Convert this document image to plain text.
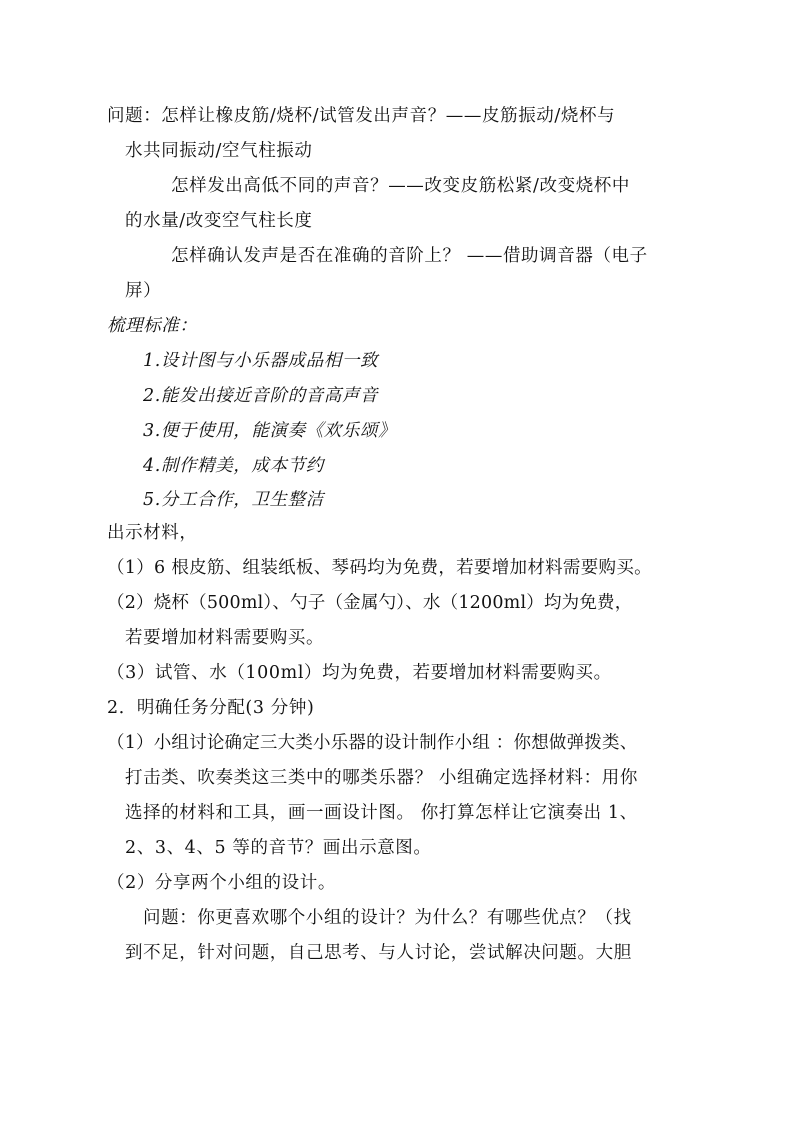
问题：怎样让橡皮筋/烧杯/试管发出声音？——皮筋振动/烧杯与
水共同振动/空气柱振动
怎样发出高低不同的声音？——改变皮筋松紧/改变烧杯中
的水量/改变空气柱长度
怎样确认发声是否在准确的音阶上？ ——借助调音器（电子
屏）
梳理标准：
1.设计图与小乐器成品相一致
2.能发出接近音阶的音高声音
3.便于使用，能演奏《欢乐颂》
4.制作精美，成本节约
5.分工合作，卫生整洁
出示材料，
（1）6 根皮筋、组装纸板、琴码均为免费，若要增加材料需要购买。
（2）烧杯（500ml）、勺子（金属勺）、水（1200ml）均为免费，
若要增加材料需要购买。
（3）试管、水（100ml）均为免费，若要增加材料需要购买。
2．明确任务分配(3 分钟)
（1）小组讨论确定三大类小乐器的设计制作小组 ：你想做弹拨类、
打击类、吹奏类这三类中的哪类乐器？ 小组确定选择材料：用你
选择的材料和工具，画一画设计图。 你打算怎样让它演奏出 1、
2、3、4、5 等的音节？画出示意图。
（2）分享两个小组的设计。
问题：你更喜欢哪个小组的设计？为什么？有哪些优点？（找
到不足，针对问题，自己思考、与人讨论，尝试解决问题。大胆
